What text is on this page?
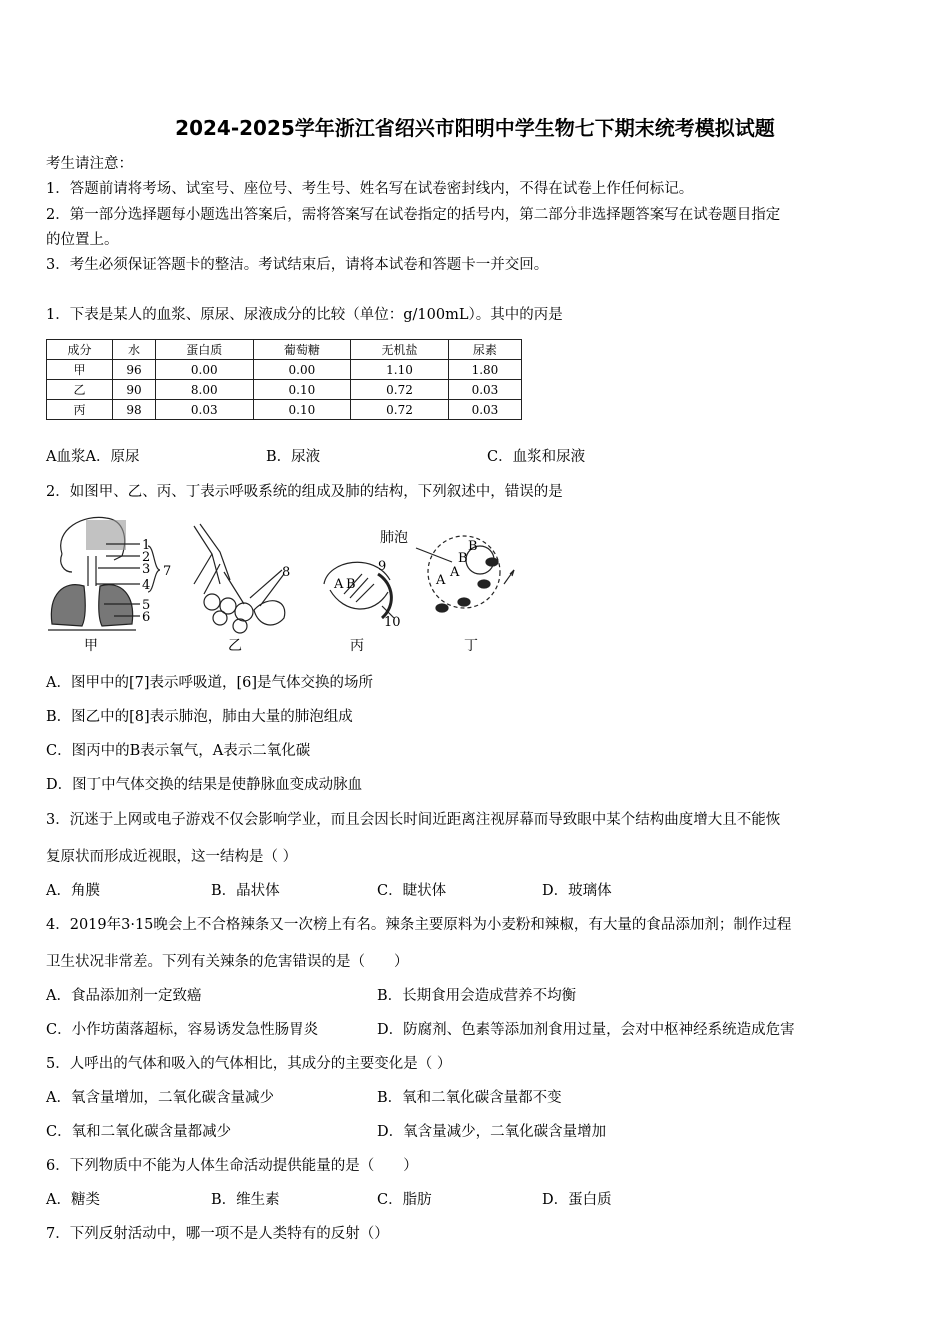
2024-2025学年浙江省绍兴市阳明中学生物七下期末统考模拟试题
考生请注意：
1．答题前请将考场、试室号、座位号、考生号、姓名写在试卷密封线内，不得在试卷上作任何标记。
2．第一部分选择题每小题选出答案后，需将答案写在试卷指定的括号内，第二部分非选择题答案写在试卷题目指定
的位置上。
3．考生必须保证答题卡的整洁。考试结束后，请将本试卷和答题卡一并交回。
1．下表是某人的血浆、原尿、尿液成分的比较（单位：g/100mL）。其中的丙是
成分	水	蛋白质	葡萄糖	无机盐	尿素
甲	96	0.00	0.00	1.10	1.80
乙	90	8.00	0.10	0.72	0.03
丙	98	0.03	0.10	0.72	0.03
A血浆A．原尿	B．尿液	C．血浆和尿液
2．如图甲、乙、丙、丁表示呼吸系统的组成及肺的结构，下列叙述中，错误的是
1
2
3
4
5
6
7
甲
8
乙
A B
9
10
丙
肺泡
A
A
B
B
丁
A．图甲中的[7]表示呼吸道，[6]是气体交换的场所
B．图乙中的[8]表示肺泡，肺由大量的肺泡组成
C．图丙中的B表示氧气，A表示二氧化碳
D．图丁中气体交换的结果是使静脉血变成动脉血
3．沉迷于上网或电子游戏不仅会影响学业，而且会因长时间近距离注视屏幕而导致眼中某个结构曲度增大且不能恢
复原状而形成近视眼，这一结构是（ ）
A．角膜	B．晶状体	C．睫状体	D．玻璃体
4．2019年3·15晚会上不合格辣条又一次榜上有名。辣条主要原料为小麦粉和辣椒，有大量的食品添加剂；制作过程
卫生状况非常差。下列有关辣条的危害错误的是（　　）
A．食品添加剂一定致癌	B．长期食用会造成营养不均衡
C．小作坊菌落超标，容易诱发急性肠胃炎	D．防腐剂、色素等添加剂食用过量，会对中枢神经系统造成危害
5．人呼出的气体和吸入的气体相比，其成分的主要变化是（ ）
A．氧含量增加，二氧化碳含量减少	B．氧和二氧化碳含量都不变
C．氧和二氧化碳含量都减少	D．氧含量减少，二氧化碳含量增加
6．下列物质中不能为人体生命活动提供能量的是（　　）
A．糖类	B．维生素	C．脂肪	D．蛋白质
7．下列反射活动中，哪一项不是人类特有的反射（）
